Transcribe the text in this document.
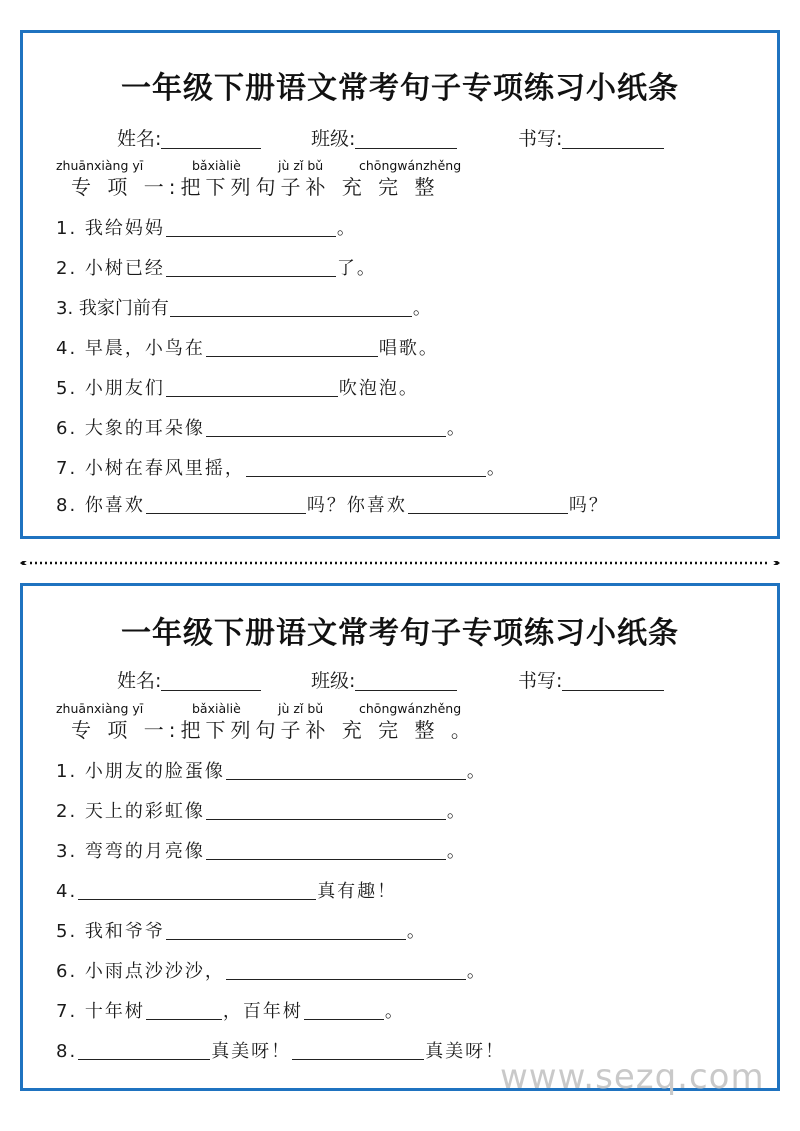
一年级下册语文常考句子专项练习小纸条
姓名:	班级:	书写:
zhuānxiàng yī	bǎxiàliè	jù zǐ bǔ	chōngwánzhěng
专 项 一:把下列句子补 充 完 整
1. 我给妈妈	。
2. 小树已经	了。
3. 我家门前有	。
4. 早晨，小鸟在	唱歌。
5. 小朋友们	吹泡泡。
6. 大象的耳朵像	。
7. 小树在春风里摇，	。
8. 你喜欢	吗？你喜欢	吗？
一年级下册语文常考句子专项练习小纸条
姓名:	班级:	书写:
zhuānxiàng yī	bǎxiàliè	jù zǐ bǔ	chōngwánzhěng
专 项 一:把下列句子补 充 完 整 。
1. 小朋友的脸蛋像	。
2. 天上的彩虹像	。
3. 弯弯的月亮像	。
4.	真有趣！
5. 我和爷爷	。
6. 小雨点沙沙沙，	。
7. 十年树	，百年树	。
8.	真美呀！	真美呀！
www.sezq.com
